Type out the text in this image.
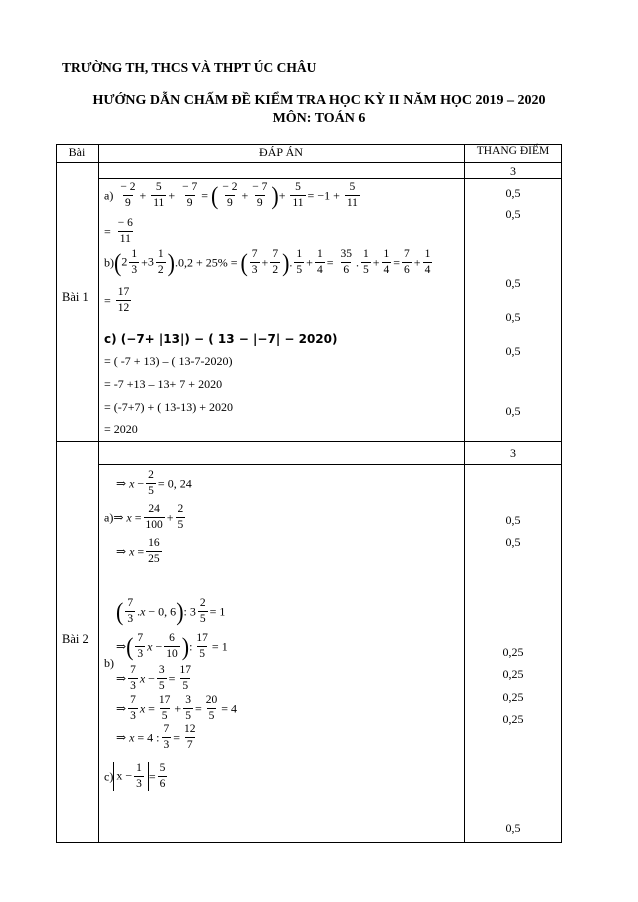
TRƯỜNG TH, THCS VÀ THPT ÚC CHÂU
HƯỚNG DẪN CHẤM ĐỀ KIỂM TRA HỌC KỲ II NĂM HỌC 2019 – 2020
MÔN: TOÁN 6
Bài	ĐÁP ÁN	THANG ĐIỂM
Bài 1
3
0,5
0,5
0,5
0,5
0,5
0,5
$a) \frac{- 2}{9} + \frac{5}{11} + \frac{- 7}{9}$ = ( $\frac{- 2}{9} + \frac{- 7}{9}$ )+ $\frac{5}{11} = -1 + \frac{5}{11}$
= $\frac{- 6}{11}$
$b)(2 \frac{1}{3} +3 \frac{1}{2} ).0,2 + 25\%$ = ( $\frac{7}{3} + \frac{7}{2}$ ). $\frac{1}{5} + \frac{1}{4} = \frac{35}{6}$ . $\frac{1}{5} + \frac{1}{4} = \frac{7}{6} + \frac{1}{4}$
= $\frac{17}{12}$
c) (−7+ |13|) − ( 13 − |−7| − 2020)
= ( -7 + 13) – ( 13-7-2020)
= -7 +13 – 13+ 7 + 2020
= (-7+7) + ( 13-13) + 2020
= 2020
Bài 2
3
0,5
0,5
0,25
0,25
0,25
0,25
0,5
⇒ $x - \frac{2}{5} = 0$, 24
a)⇒ $x = \frac{24}{100} + \frac{2}{5}$
⇒ $x = \frac{16}{25}$
( $\frac{7}{3} .x - 0$, 6): $3 \frac{2}{5} = 1$
⇒( $\frac{7}{3}$ $x - \frac{6}{10}$ ): $\frac{17}{5} = 1$
b)
⇒ $\frac{7}{3}$ $x - \frac{3}{5} = \frac{17}{5}$
⇒ $\frac{7}{3}$ $x = \frac{17}{5} + \frac{3}{5} = \frac{20}{5} = 4$
⇒ x = 4 : $\frac{7}{3} = \frac{12}{7}$
c) $x - \frac{1}{3} = \frac{5}{6}$
